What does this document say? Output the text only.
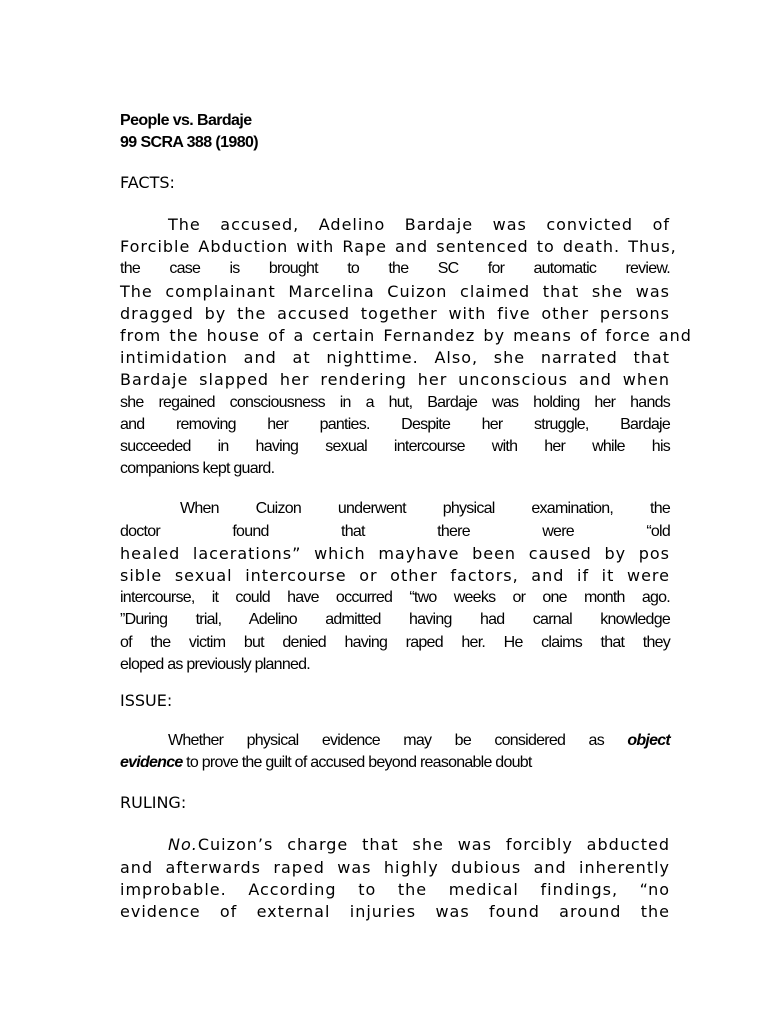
People vs. Bardaje

99 SCRA 388 (1980)

FACTS:

The accused, Adelino Bardaje was convicted of
Forcible Abduction with Rape and sentenced to death. Thus,
the case is brought to the SC for automatic review.
The complainant Marcelina Cuizon claimed that she was
dragged by the accused together with five other persons
from the house of a certain Fernandez by means of force and
intimidation and at nighttime. Also, she narrated that
Bardaje slapped her rendering her unconscious and when
she regained consciousness in a hut, Bardaje was holding her hands
and removing her panties. Despite her struggle, Bardaje
succeeded in having sexual intercourse with her while his
companions kept guard.
When Cuizon underwent physical examination, the
doctor found that there were “old
healed lacerations” which mayhave been caused by pos
sible sexual intercourse or other factors, and if it were
intercourse, it could have occurred “two weeks or one month ago.
”During trial, Adelino admitted having had carnal knowledge
of the victim but denied having raped her. He claims that they
eloped as previously planned.

ISSUE:

Whether physical evidence may be considered as object
evidence to prove the guilt of accused beyond reasonable doubt

RULING:

No.Cuizon’s charge that she was forcibly abducted
and afterwards raped was highly dubious and inherently
improbable. According to the medical findings, “no
evidence of external injuries was found around the
